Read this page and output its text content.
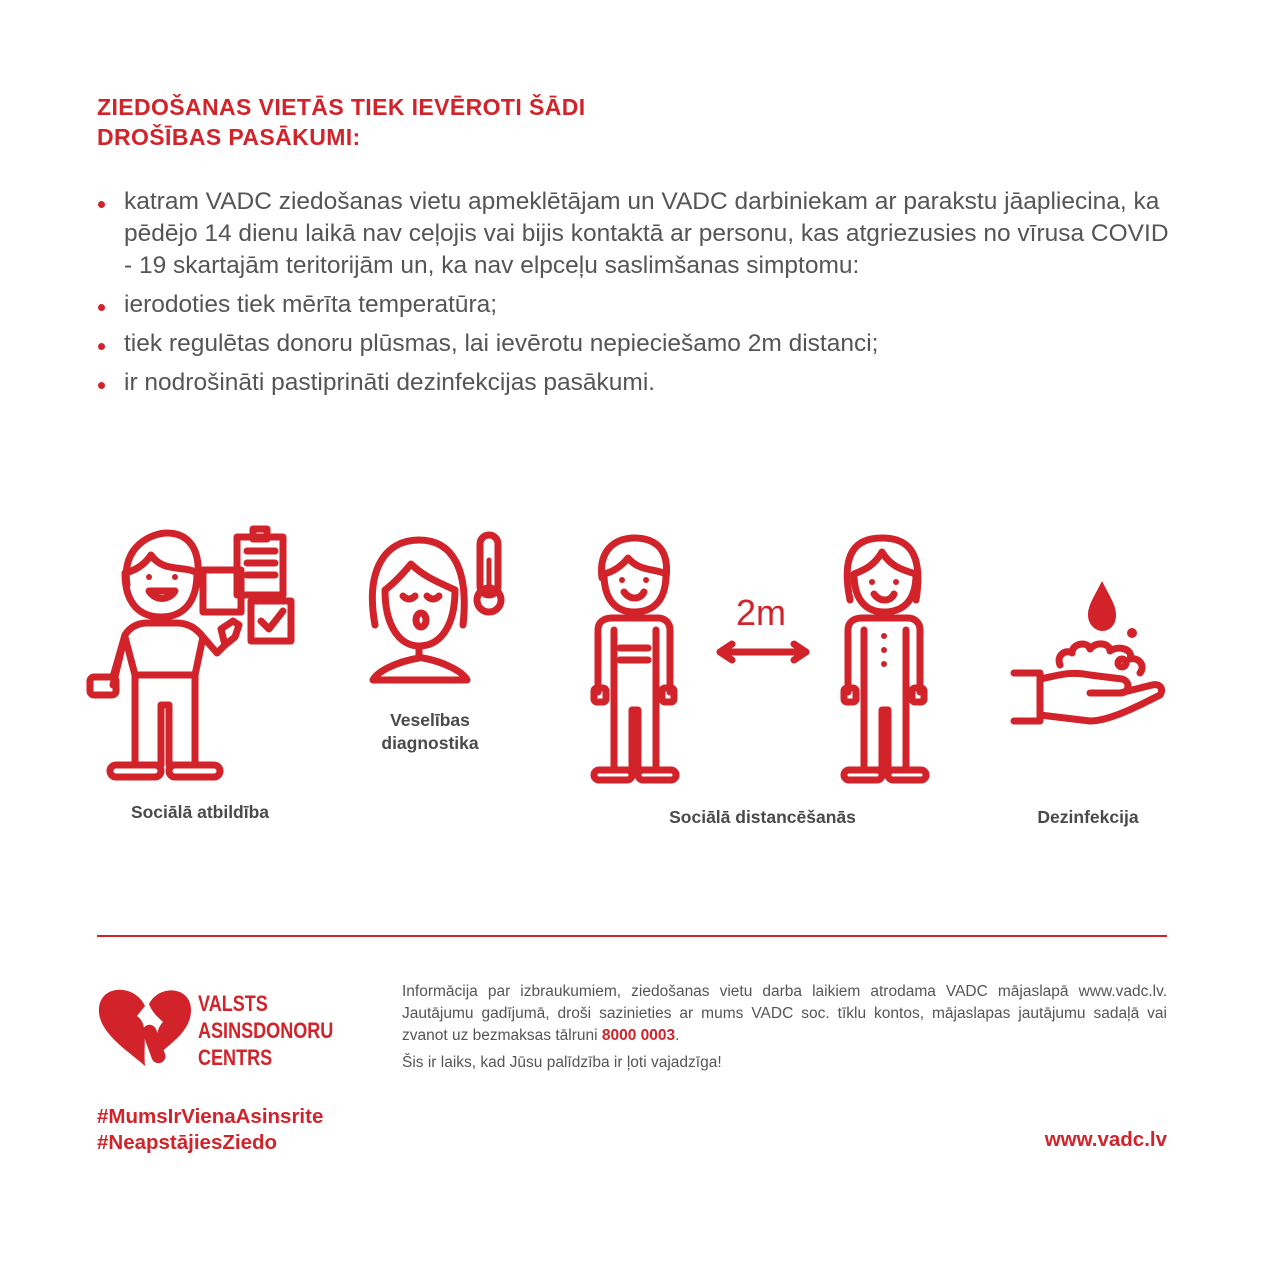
ZIEDOŠANAS VIETĀS TIEK IEVĒROTI ŠĀDI
DROŠĪBAS PASĀKUMI:
katram VADC ziedošanas vietu apmeklētājam un VADC darbiniekam ar parakstu jāapliecina, ka pēdējo 14 dienu laikā nav ceļojis vai bijis kontaktā ar personu, kas atgriezusies no vīrusa COVID - 19 skartajām teritorijām un, ka nav elpceļu saslimšanas simptomu:
ierodoties tiek mērīta temperatūra;
tiek regulētas donoru plūsmas, lai ievērotu nepieciešamo 2m distanci;
ir nodrošināti pastiprināti dezinfekcijas pasākumi.
Sociālā atbildība
Veselības
diagnostika
2m
Sociālā distancēšanās	Dezinfekcija
VALSTS
ASINSDONORU
CENTRS

Informācija par izbraukumiem, ziedošanas vietu darba laikiem atrodama VADC mājaslapā www.vadc.lv. Jautājumu gadījumā, droši sazinieties ar mums VADC soc. tīklu kontos, mājaslapas jautājumu sadaļā vai zvanot uz bezmaksas tālruni 8000 0003.

Šis ir laiks, kad Jūsu palīdzība ir ļoti vajadzīga!

#MumsIrVienaAsinsrite
#NeapstājiesZiedo	www.vadc.lv
